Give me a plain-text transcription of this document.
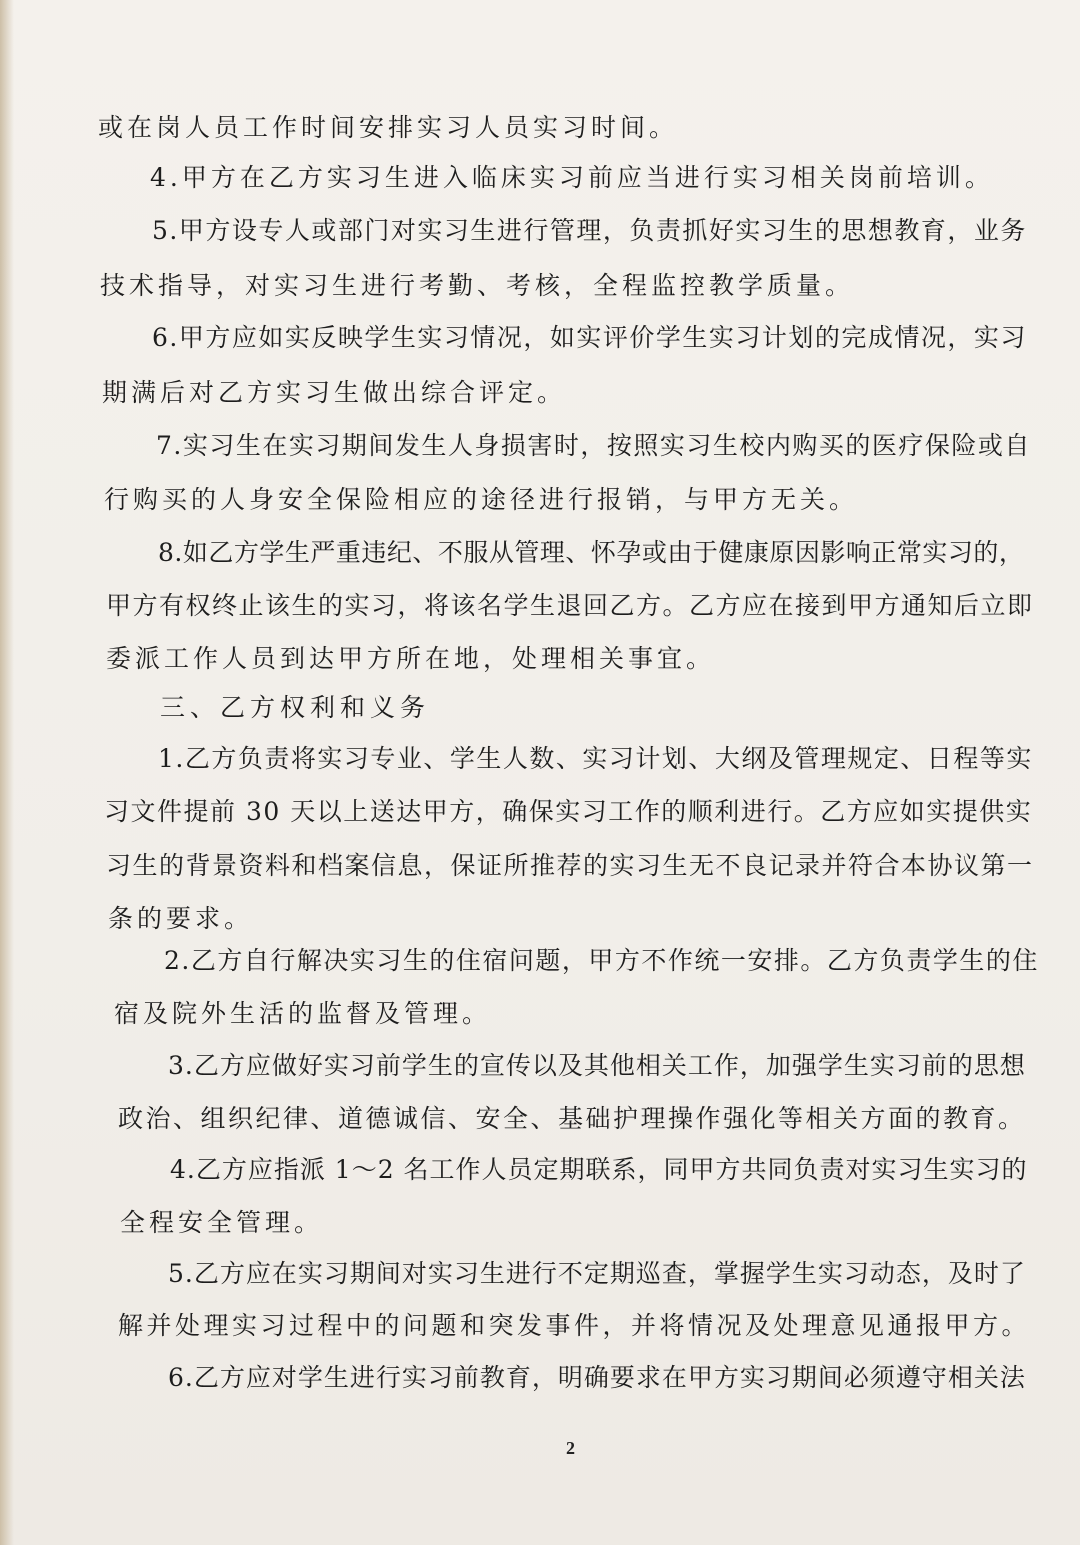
或在岗人员工作时间安排实习人员实习时间。

4.甲方在乙方实习生进入临床实习前应当进行实习相关岗前培训。

5.甲方设专人或部门对实习生进行管理，负责抓好实习生的思想教育，业务

技术指导，对实习生进行考勤、考核，全程监控教学质量。

6.甲方应如实反映学生实习情况，如实评价学生实习计划的完成情况，实习

期满后对乙方实习生做出综合评定。

7.实习生在实习期间发生人身损害时，按照实习生校内购买的医疗保险或自

行购买的人身安全保险相应的途径进行报销，与甲方无关。

8.如乙方学生严重违纪、不服从管理、怀孕或由于健康原因影响正常实习的，

甲方有权终止该生的实习，将该名学生退回乙方。乙方应在接到甲方通知后立即

委派工作人员到达甲方所在地，处理相关事宜。

三、乙方权利和义务

1.乙方负责将实习专业、学生人数、实习计划、大纲及管理规定、日程等实

习文件提前 30 天以上送达甲方，确保实习工作的顺利进行。乙方应如实提供实

习生的背景资料和档案信息，保证所推荐的实习生无不良记录并符合本协议第一

条的要求。

2.乙方自行解决实习生的住宿问题，甲方不作统一安排。乙方负责学生的住

宿及院外生活的监督及管理。

3.乙方应做好实习前学生的宣传以及其他相关工作，加强学生实习前的思想

政治、组织纪律、道德诚信、安全、基础护理操作强化等相关方面的教育。

4.乙方应指派 1～2 名工作人员定期联系，同甲方共同负责对实习生实习的

全程安全管理。

5.乙方应在实习期间对实习生进行不定期巡查，掌握学生实习动态，及时了

解并处理实习过程中的问题和突发事件，并将情况及处理意见通报甲方。

6.乙方应对学生进行实习前教育，明确要求在甲方实习期间必须遵守相关法

2
